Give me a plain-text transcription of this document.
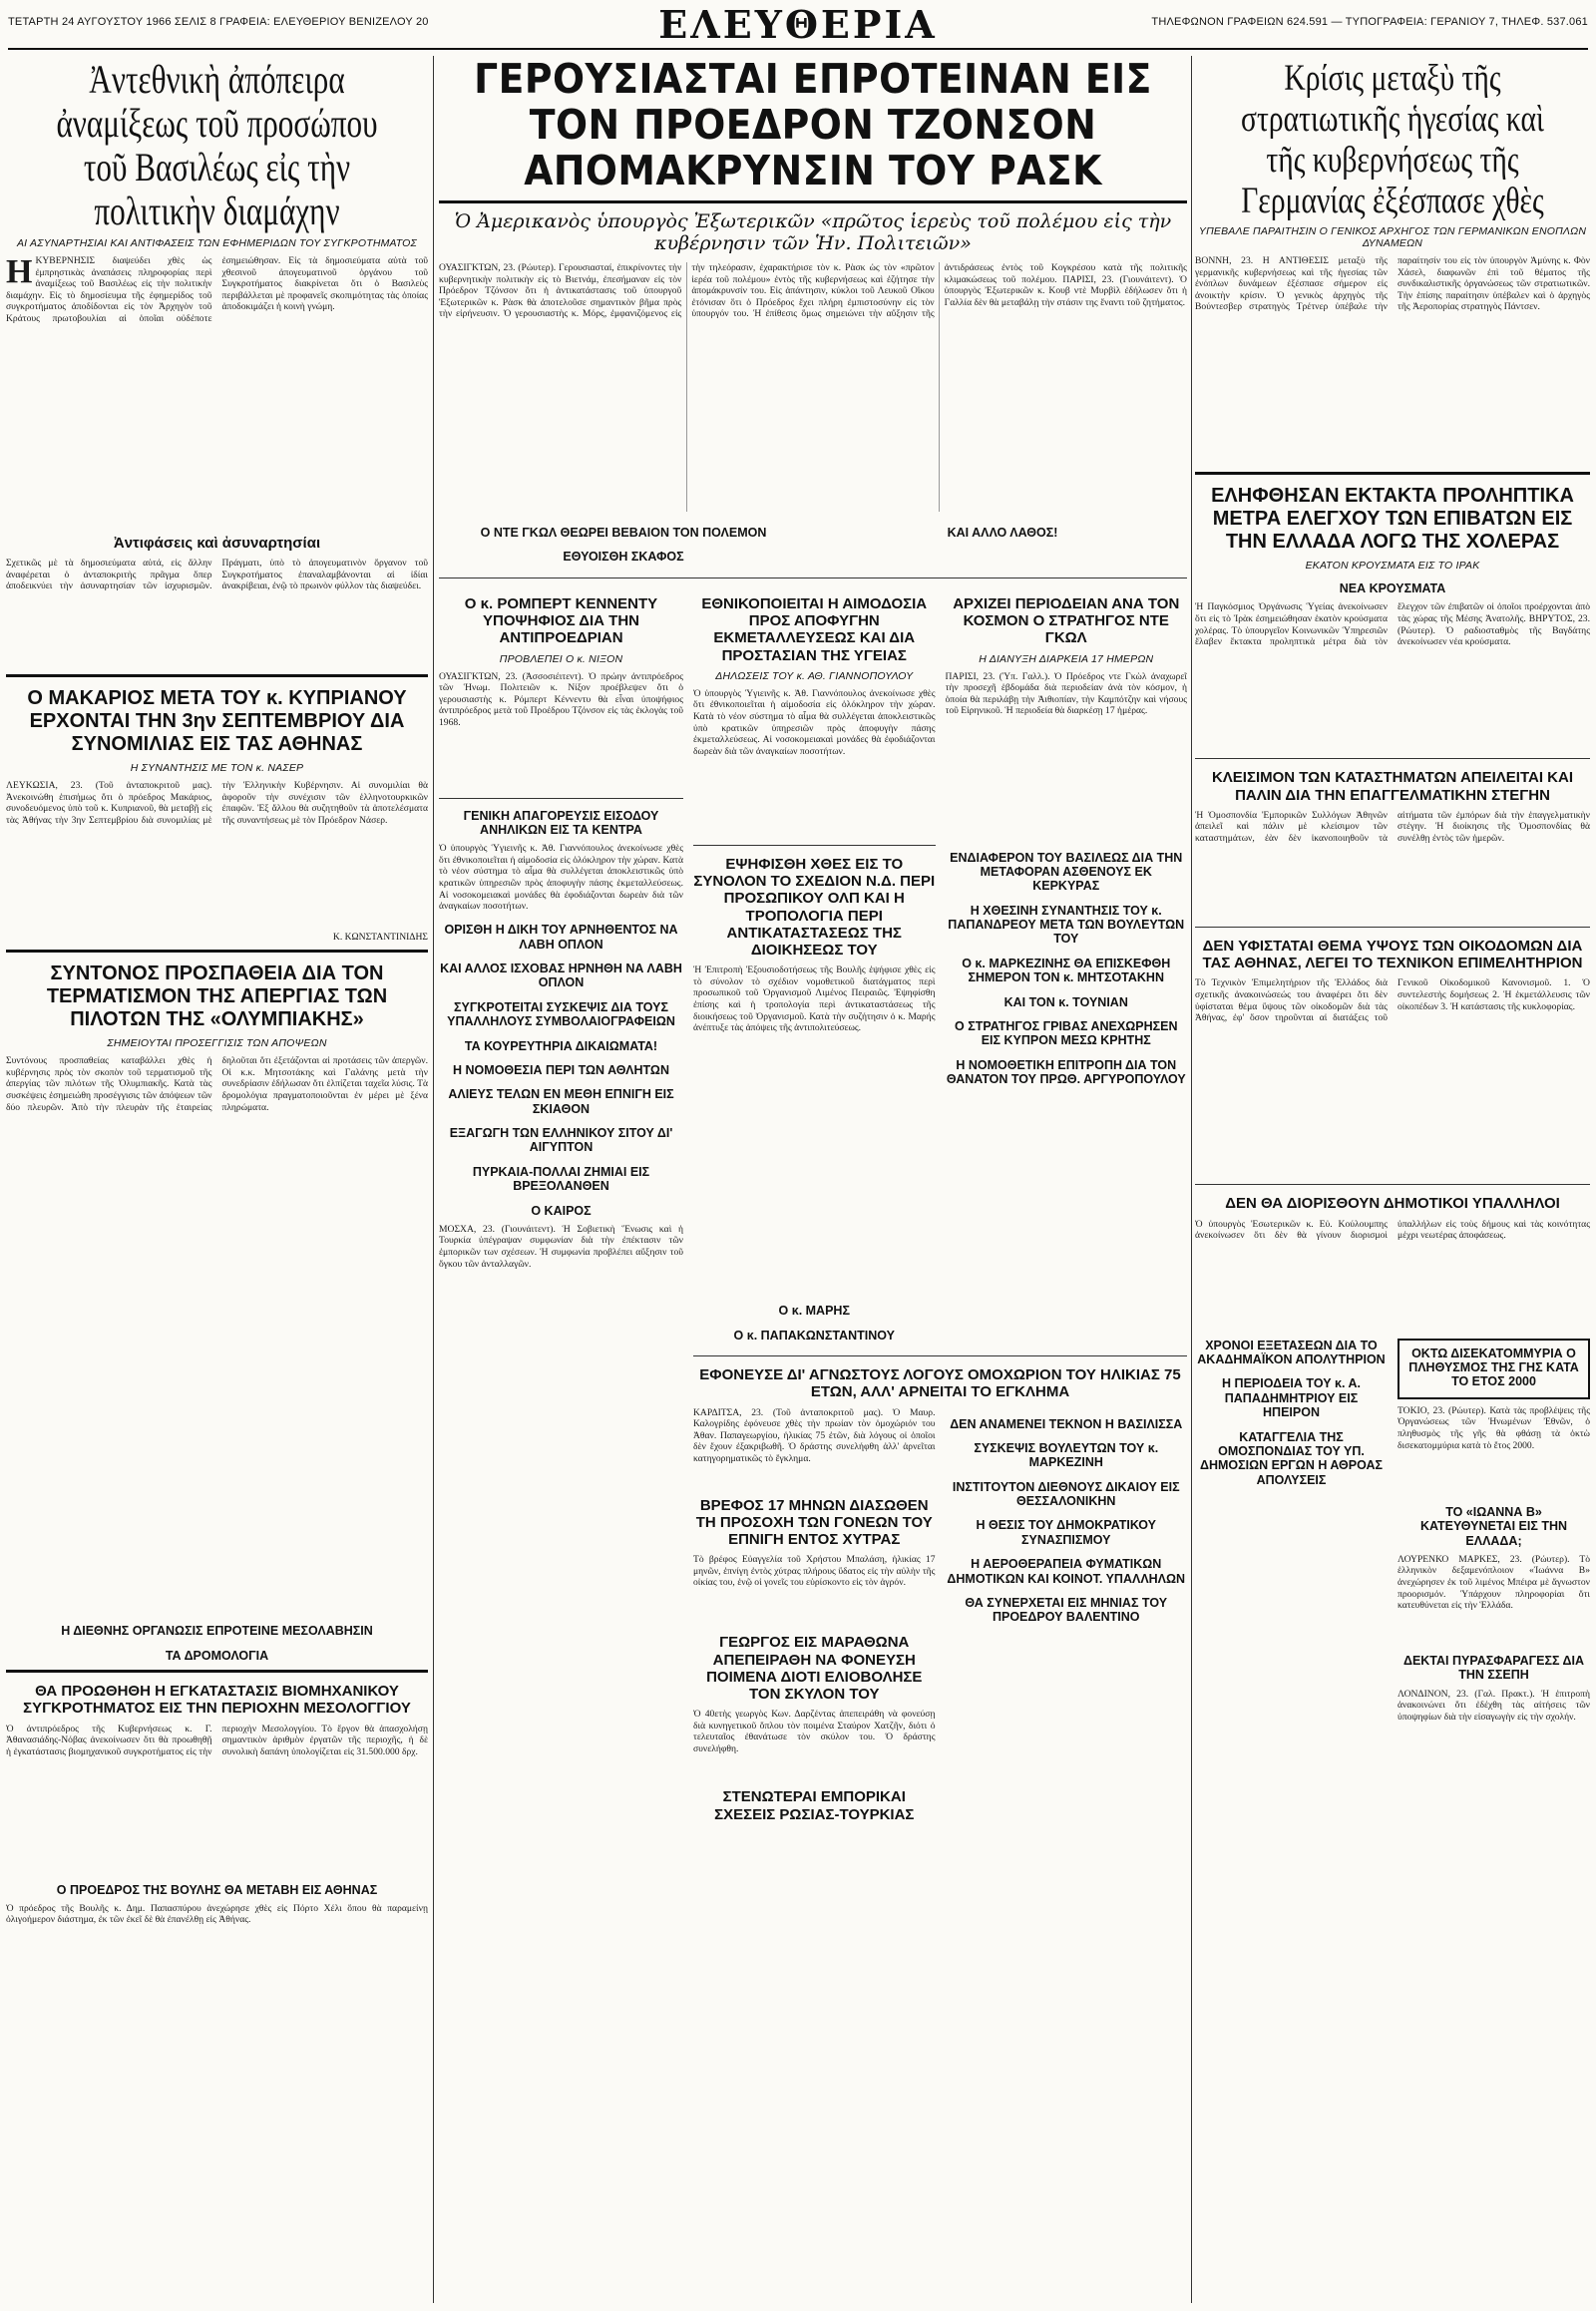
ΤΕΤΑΡΤΗ 24 ΑΥΓΟΥΣΤΟΥ 1966 ΣΕΛΙΣ 8 ΓΡΑΦΕΙΑ: ΕΛΕΥΘΕΡΙΟΥ ΒΕΝΙΖΕΛΟΥ 20	ΕΛΕΥΘΕΡΙΑ	ΤΗΛΕΦΩΝΟΝ ΓΡΑΦΕΙΩΝ 624.591 — ΤΥΠΟΓΡΑΦΕΙΑ: ΓΕΡΑΝΙΟΥ 7, ΤΗΛΕΦ. 537.061
Ἀντεθνικὴ ἀπόπειρα ἀναμίξεως τοῦ προσώπου τοῦ Βασιλέως εἰς τὴν πολιτικὴν διαμάχην
ΑΙ ΑΣΥΝΑΡΤΗΣΙΑΙ ΚΑΙ ΑΝΤΙΦΑΣΕΙΣ ΤΩΝ ΕΦΗΜΕΡΙΔΩΝ ΤΟΥ ΣΥΓΚΡΟΤΗΜΑΤΟΣ
ΗΚΥΒΕΡΝΗΣΙΣ διαψεύδει χθὲς ὡς ἐμπρηστικὰς ἀναπάσεις πληροφορίας περὶ ἀναμίξεως τοῦ Βασιλέως εἰς τὴν πολιτικὴν διαμάχην. Εἰς τὸ δημοσίευμα τῆς ἐφημερίδος τοῦ συγκροτήματος ἀποδίδονται εἰς τὸν Ἀρχηγὸν τοῦ Κράτους πρωτοβουλίαι αἱ ὁποῖαι οὐδέποτε ἐσημειώθησαν. Εἰς τὰ δημοσιεύματα αὐτὰ τοῦ χθεσινοῦ ἀπογευματινοῦ ὀργάνου τοῦ Συγκροτήματος διακρίνεται ὅτι ὁ Βασιλεὺς περιβάλλεται μὲ προφανεῖς σκοπιμότητας τὰς ὁποίας ἀποδοκιμάζει ἡ κοινὴ γνώμη.
Ἀντιφάσεις καὶ ἀσυναρτησίαι
Σχετικῶς μὲ τὰ δημοσιεύματα αὐτά, εἰς ἄλλην ἀναφέρεται ὁ ἀνταποκριτὴς πρᾶγμα ὅπερ ἀποδεικνύει τὴν ἀσυναρτησίαν τῶν ἰσχυρισμῶν. Πράγματι, ὑπὸ τὸ ἀπογευματινὸν ὄργανον τοῦ Συγκροτήματος ἐπαναλαμβάνονται αἱ ἰδίαι ἀνακρίβειαι, ἐνῷ τὸ πρωινὸν φύλλον τὰς διαψεύδει.
Ο ΜΑΚΑΡΙΟΣ ΜΕΤΑ ΤΟΥ κ. ΚΥΠΡΙΑΝΟΥ ΕΡΧΟΝΤΑΙ ΤΗΝ 3ην ΣΕΠΤΕΜΒΡΙΟΥ ΔΙΑ ΣΥΝΟΜΙΛΙΑΣ ΕΙΣ ΤΑΣ ΑΘΗΝΑΣ
Η ΣΥΝΑΝΤΗΣΙΣ ΜΕ ΤΟΝ κ. ΝΑΣΕΡ
ΛΕΥΚΩΣΙΑ, 23. (Τοῦ ἀνταποκριτοῦ μας). Ἀνεκοινώθη ἐπισήμως ὅτι ὁ πρόεδρος Μακάριος, συνοδευόμενος ὑπὸ τοῦ κ. Κυπριανοῦ, θὰ μεταβῇ εἰς τὰς Ἀθήνας τὴν 3ην Σεπτεμβρίου διὰ συνομιλίας μὲ τὴν Ἑλληνικὴν Κυβέρνησιν. Αἱ συνομιλίαι θὰ ἀφοροῦν τὴν συνέχισιν τῶν ἑλληνοτουρκικῶν ἐπαφῶν. Ἐξ ἄλλου θὰ συζητηθοῦν τὰ ἀποτελέσματα τῆς συναντήσεως μὲ τὸν Πρόεδρον Νάσερ.
Κ. ΚΩΝΣΤΑΝΤΙΝΙΔΗΣ
ΣΥΝΤΟΝΟΣ ΠΡΟΣΠΑΘΕΙΑ ΔΙΑ ΤΟΝ ΤΕΡΜΑΤΙΣΜΟΝ ΤΗΣ ΑΠΕΡΓΙΑΣ ΤΩΝ ΠΙΛΟΤΩΝ ΤΗΣ «ΟΛΥΜΠΙΑΚΗΣ»
ΣΗΜΕΙΟΥΤΑΙ ΠΡΟΣΕΓΓΙΣΙΣ ΤΩΝ ΑΠΟΨΕΩΝ
Συντόνους προσπαθείας καταβάλλει χθὲς ἡ κυβέρνησις πρὸς τὸν σκοπὸν τοῦ τερματισμοῦ τῆς ἀπεργίας τῶν πιλότων τῆς Ὀλυμπιακῆς. Κατὰ τὰς συσκέψεις ἐσημειώθη προσέγγισις τῶν ἀπόψεων τῶν δύο πλευρῶν. Ἀπὸ τὴν πλευρὰν τῆς ἑταιρείας δηλοῦται ὅτι ἐξετάζονται αἱ προτάσεις τῶν ἀπεργῶν. Οἱ κ.κ. Μητσοτάκης καὶ Γαλάνης μετὰ τὴν συνεδρίασιν ἐδήλωσαν ὅτι ἐλπίζεται ταχεῖα λύσις. Τὰ δρομολόγια πραγματοποιοῦνται ἐν μέρει μὲ ξένα πληρώματα.
Η ΔΙΕΘΝΗΣ ΟΡΓΑΝΩΣΙΣ ΕΠΡΟΤΕΙΝΕ ΜΕΣΟΛΑΒΗΣΙΝ
ΤΑ ΔΡΟΜΟΛΟΓΙΑ
ΘΑ ΠΡΟΩΘΗΘΗ Η ΕΓΚΑΤΑΣΤΑΣΙΣ ΒΙΟΜΗΧΑΝΙΚΟΥ ΣΥΓΚΡΟΤΗΜΑΤΟΣ ΕΙΣ ΤΗΝ ΠΕΡΙΟΧΗΝ ΜΕΣΟΛΟΓΓΙΟΥ
Ὁ ἀντιπρόεδρος τῆς Κυβερνήσεως κ. Γ. Ἀθανασιάδης-Νόβας ἀνεκοίνωσεν ὅτι θὰ προωθηθῇ ἡ ἐγκατάστασις βιομηχανικοῦ συγκροτήματος εἰς τὴν περιοχὴν Μεσολογγίου. Τὸ ἔργον θὰ ἀπασχολήσῃ σημαντικὸν ἀριθμὸν ἐργατῶν τῆς περιοχῆς, ἡ δὲ συνολικὴ δαπάνη ὑπολογίζεται εἰς 31.500.000 δρχ.
Ο ΠΡΟΕΔΡΟΣ ΤΗΣ ΒΟΥΛΗΣ ΘΑ ΜΕΤΑΒΗ ΕΙΣ ΑΘΗΝΑΣ
Ὁ πρόεδρος τῆς Βουλῆς κ. Δημ. Παπασπύρου ἀνεχώρησε χθὲς εἰς Πόρτο Χέλι ὅπου θὰ παραμείνῃ ὀλιγοήμερον διάστημα, ἐκ τῶν ἐκεῖ δὲ θὰ ἐπανέλθῃ εἰς Ἀθήνας.
ΓΕΡΟΥΣΙΑΣΤΑΙ ΕΠΡΟΤΕΙΝΑΝ ΕΙΣ ΤΟΝ ΠΡΟΕΔΡΟΝ ΤΖΟΝΣΟΝ ΑΠΟΜΑΚΡΥΝΣΙΝ ΤΟΥ ΡΑΣΚ
Ὁ Ἀμερικανὸς ὑπουργὸς Ἐξωτερικῶν «πρῶτος ἱερεὺς τοῦ πολέμου εἰς τὴν κυβέρνησιν τῶν Ἡν. Πολιτειῶν»
ΟΥΑΣΙΓΚΤΩΝ, 23. (Ρώυτερ). Γερουσιασταί, ἐπικρίνοντες τὴν κυβερνητικὴν πολιτικὴν εἰς τὸ Βιετνάμ, ἐπεσήμαναν εἰς τὸν Πρόεδρον Τζόνσον ὅτι ἡ ἀντικατάστασις τοῦ ὑπουργοῦ Ἐξωτερικῶν κ. Ρὰσκ θὰ ἀποτελοῦσε σημαντικὸν βῆμα πρὸς τὴν εἰρήνευσιν. Ὁ γερουσιαστὴς κ. Μόρς, ἐμφανιζόμενος εἰς τὴν τηλεόρασιν, ἐχαρακτήρισε τὸν κ. Ρὰσκ ὡς τὸν «πρῶτον ἱερέα τοῦ πολέμου» ἐντὸς τῆς κυβερνήσεως καὶ ἐζήτησε τὴν ἀπομάκρυνσίν του. Εἰς ἀπάντησιν, κύκλοι τοῦ Λευκοῦ Οἴκου ἐτόνισαν ὅτι ὁ Πρόεδρος ἔχει πλήρη ἐμπιστοσύνην εἰς τὸν ὑπουργόν του. Ἡ ἐπίθεσις ὅμως σημειώνει τὴν αὔξησιν τῆς ἀντιδράσεως ἐντὸς τοῦ Κογκρέσου κατὰ τῆς πολιτικῆς κλιμακώσεως τοῦ πολέμου. ΠΑΡΙΣΙ, 23. (Γιουνάιτεντ). Ὁ ὑπουργὸς Ἐξωτερικῶν κ. Κουβ ντὲ Μυρβὶλ ἐδήλωσεν ὅτι ἡ Γαλλία δὲν θὰ μεταβάλῃ τὴν στάσιν της ἔναντι τοῦ ζητήματος.
Ο ΝΤΕ ΓΚΩΛ ΘΕΩΡΕΙ ΒΕΒΑΙΟΝ ΤΟΝ ΠΟΛΕΜΟΝ
ΕΘΥΟΙΣΘΗ ΣΚΑΦΟΣ
ΚΑΙ ΑΛΛΟ ΛΑΘΟΣ!
Ο κ. ΡΟΜΠΕΡΤ ΚΕΝΝΕΝΤΥ ΥΠΟΨΗΦΙΟΣ ΔΙΑ ΤΗΝ ΑΝΤΙΠΡΟΕΔΡΙΑΝ
ΠΡΟΒΛΕΠΕΙ Ο κ. ΝΙΞΟΝ
ΟΥΑΣΙΓΚΤΩΝ, 23. (Ἀσσοσιέιτεντ). Ὁ πρώην ἀντιπρόεδρος τῶν Ἡνωμ. Πολιτειῶν κ. Νίξον προέβλεψεν ὅτι ὁ γερουσιαστὴς κ. Ρόμπερτ Κέννεντυ θὰ εἶναι ὑποψήφιος ἀντιπρόεδρος μετὰ τοῦ Προέδρου Τζόνσον εἰς τὰς ἐκλογὰς τοῦ 1968.
ΓΕΝΙΚΗ ΑΠΑΓΟΡΕΥΣΙΣ ΕΙΣΟΔΟΥ ΑΝΗΛΙΚΩΝ ΕΙΣ ΤΑ ΚΕΝΤΡΑ
Ὁ ὑπουργὸς Ὑγιεινῆς κ. Ἀθ. Γιαννόπουλος ἀνεκοίνωσε χθὲς ὅτι ἐθνικοποιεῖται ἡ αἱμοδοσία εἰς ὁλόκληρον τὴν χώραν. Κατὰ τὸ νέον σύστημα τὸ αἷμα θὰ συλλέγεται ἀποκλειστικῶς ὑπὸ κρατικῶν ὑπηρεσιῶν πρὸς ἀποφυγὴν πάσης ἐκμεταλλεύσεως. Αἱ νοσοκομειακαὶ μονάδες θὰ ἐφοδιάζονται δωρεὰν διὰ τῶν ἀναγκαίων ποσοτήτων.
ΟΡΙΣΘΗ Η ΔΙΚΗ ΤΟΥ ΑΡΝΗΘΕΝΤΟΣ ΝΑ ΛΑΒΗ ΟΠΛΟΝ
ΚΑΙ ΑΛΛΟΣ ΙΣΧΟΒΑΣ ΗΡΝΗΘΗ ΝΑ ΛΑΒΗ ΟΠΛΟΝ
ΣΥΓΚΡΟΤΕΙΤΑΙ ΣΥΣΚΕΨΙΣ ΔΙΑ ΤΟΥΣ ΥΠΑΛΛΗΛΟΥΣ ΣΥΜΒΟΛΑΙΟΓΡΑΦΕΙΩΝ
ΤΑ ΚΟΥΡΕΥΤΗΡΙΑ ΔΙΚΑΙΩΜΑΤΑ!
Η ΝΟΜΟΘΕΣΙΑ ΠΕΡΙ ΤΩΝ ΑΘΛΗΤΩΝ
ΑΛΙΕΥΣ ΤΕΛΩΝ ΕΝ ΜΕΘΗ ΕΠΝΙΓΗ ΕΙΣ ΣΚΙΑΘΟΝ
ΕΞΑΓΩΓΗ ΤΩΝ ΕΛΛΗΝΙΚΟΥ ΣΙΤΟΥ ΔΙ' ΑΙΓΥΠΤΟΝ
ΠΥΡΚΑΙΑ-ΠΟΛΛΑΙ ΖΗΜΙΑΙ ΕΙΣ ΒΡΕΞΟΛΑΝΘΕΝ
Ο ΚΑΙΡΟΣ
ΜΟΣΧΑ, 23. (Γιουνάιτεντ). Ἡ Σοβιετικὴ Ἕνωσις καὶ ἡ Τουρκία ὑπέγραψαν συμφωνίαν διὰ τὴν ἐπέκτασιν τῶν ἐμπορικῶν των σχέσεων. Ἡ συμφωνία προβλέπει αὔξησιν τοῦ ὄγκου τῶν ἀνταλλαγῶν.
ΕΘΝΙΚΟΠΟΙΕΙΤΑΙ Η ΑΙΜΟΔΟΣΙΑ ΠΡΟΣ ΑΠΟΦΥΓΗΝ ΕΚΜΕΤΑΛΛΕΥΣΕΩΣ ΚΑΙ ΔΙΑ ΠΡΟΣΤΑΣΙΑΝ ΤΗΣ ΥΓΕΙΑΣ
ΔΗΛΩΣΕΙΣ ΤΟΥ κ. ΑΘ. ΓΙΑΝΝΟΠΟΥΛΟΥ
Ὁ ὑπουργὸς Ὑγιεινῆς κ. Ἀθ. Γιαννόπουλος ἀνεκοίνωσε χθὲς ὅτι ἐθνικοποιεῖται ἡ αἱμοδοσία εἰς ὁλόκληρον τὴν χώραν. Κατὰ τὸ νέον σύστημα τὸ αἷμα θὰ συλλέγεται ἀποκλειστικῶς ὑπὸ κρατικῶν ὑπηρεσιῶν πρὸς ἀποφυγὴν πάσης ἐκμεταλλεύσεως. Αἱ νοσοκομειακαὶ μονάδες θὰ ἐφοδιάζονται δωρεὰν διὰ τῶν ἀναγκαίων ποσοτήτων.
ΕΨΗΦΙΣΘΗ ΧΘΕΣ ΕΙΣ ΤΟ ΣΥΝΟΛΟΝ ΤΟ ΣΧΕΔΙΟΝ Ν.Δ. ΠΕΡΙ ΠΡΟΣΩΠΙΚΟΥ ΟΛΠ ΚΑΙ Η ΤΡΟΠΟΛΟΓΙΑ ΠΕΡΙ ΑΝΤΙΚΑΤΑΣΤΑΣΕΩΣ ΤΗΣ ΔΙΟΙΚΗΣΕΩΣ ΤΟΥ
Ἡ Ἐπιτροπὴ Ἐξουσιοδοτήσεως τῆς Βουλῆς ἐψήφισε χθὲς εἰς τὸ σύνολον τὸ σχέδιον νομοθετικοῦ διατάγματος περὶ προσωπικοῦ τοῦ Ὀργανισμοῦ Λιμένος Πειραιῶς. Ἐψηφίσθη ἐπίσης καὶ ἡ τροπολογία περὶ ἀντικαταστάσεως τῆς διοικήσεως τοῦ Ὀργανισμοῦ. Κατὰ τὴν συζήτησιν ὁ κ. Μαρής ἀνέπτυξε τὰς ἀπόψεις τῆς ἀντιπολιτεύσεως.
Ο κ. ΜΑΡΗΣ
Ο κ. ΠΑΠΑΚΩΝΣΤΑΝΤΙΝΟΥ
ΑΡΧΙΖΕΙ ΠΕΡΙΟΔΕΙΑΝ ΑΝΑ ΤΟΝ ΚΟΣΜΟΝ Ο ΣΤΡΑΤΗΓΟΣ ΝΤΕ ΓΚΩΛ
Η ΔΙΑΝΥΞΗ ΔΙΑΡΚΕΙΑ 17 ΗΜΕΡΩΝ
ΠΑΡΙΣΙ, 23. (Ὑπ. Γαλλ.). Ὁ Πρόεδρος ντε Γκὼλ ἀναχωρεῖ τὴν προσεχῆ ἑβδομάδα διὰ περιοδείαν ἀνὰ τὸν κόσμον, ἡ ὁποία θὰ περιλάβῃ τὴν Ἀιθιοπίαν, τὴν Καμπότζην καὶ νήσους τοῦ Εἰρηνικοῦ. Ἡ περιοδεία θὰ διαρκέσῃ 17 ἡμέρας.
ΕΝΔΙΑΦΕΡΟΝ ΤΟΥ ΒΑΣΙΛΕΩΣ ΔΙΑ ΤΗΝ ΜΕΤΑΦΟΡΑΝ ΑΣΘΕΝΟΥΣ ΕΚ ΚΕΡΚΥΡΑΣ
Η ΧΘΕΣΙΝΗ ΣΥΝΑΝΤΗΣΙΣ ΤΟΥ κ. ΠΑΠΑΝΔΡΕΟΥ ΜΕΤΑ ΤΩΝ ΒΟΥΛΕΥΤΩΝ ΤΟΥ
Ο κ. ΜΑΡΚΕΖΙΝΗΣ ΘΑ ΕΠΙΣΚΕΦΘΗ ΣΗΜΕΡΟΝ ΤΟΝ κ. ΜΗΤΣΟΤΑΚΗΝ
ΚΑΙ ΤΟΝ κ. ΤΟΥΝΙΑΝ
Ο ΣΤΡΑΤΗΓΟΣ ΓΡΙΒΑΣ ΑΝΕΧΩΡΗΣΕΝ ΕΙΣ ΚΥΠΡΟΝ ΜΕΣΩ ΚΡΗΤΗΣ
Η ΝΟΜΟΘΕΤΙΚΗ ΕΠΙΤΡΟΠΗ ΔΙΑ ΤΟΝ ΘΑΝΑΤΟΝ ΤΟΥ ΠΡΩΘ. ΑΡΓΥΡΟΠΟΥΛΟΥ
ΕΦΟΝΕΥΣΕ ΔΙ' ΑΓΝΩΣΤΟΥΣ ΛΟΓΟΥΣ ΟΜΟΧΩΡΙΟΝ ΤΟΥ ΗΛΙΚΙΑΣ 75 ΕΤΩΝ, ΑΛΛ' ΑΡΝΕΙΤΑΙ ΤΟ ΕΓΚΛΗΜΑ
ΚΑΡΔΙΤΣΑ, 23. (Τοῦ ἀνταποκριτοῦ μας). Ὁ Μαυρ. Καλογρίδης ἐφόνευσε χθὲς τὴν πρωίαν τὸν ὁμοχώριόν του Ἀθαν. Παπαγεωργίου, ἡλικίας 75 ἐτῶν, διὰ λόγους οἱ ὁποῖοι δὲν ἔχουν ἐξακριβωθῆ. Ὁ δράστης συνελήφθη ἀλλ' ἀρνεῖται κατηγορηματικῶς τὸ ἔγκλημα.
ΒΡΕΦΟΣ 17 ΜΗΝΩΝ ΔΙΑΣΩΘΕΝ ΤΗ ΠΡΟΣΟΧΗ ΤΩΝ ΓΟΝΕΩΝ ΤΟΥ ΕΠΝΙΓΗ ΕΝΤΟΣ ΧΥΤΡΑΣ
Τὸ βρέφος Εὐαγγελία τοῦ Χρήστου Μπαλάση, ἡλικίας 17 μηνῶν, ἐπνίγη ἐντὸς χύτρας πλήρους ὕδατος εἰς τὴν αὐλὴν τῆς οἰκίας του, ἐνῷ οἱ γονεῖς του εὑρίσκοντο εἰς τὸν ἀγρόν.
ΓΕΩΡΓΟΣ ΕΙΣ ΜΑΡΑΘΩΝΑ ΑΠΕΠΕΙΡΑΘΗ ΝΑ ΦΟΝΕΥΣΗ ΠΟΙΜΕΝΑ ΔΙΟΤΙ ΕΛΙΟΒΟΛΗΣΕ ΤΟΝ ΣΚΥΛΟΝ ΤΟΥ
Ὁ 40ετὴς γεωργὸς Κων. Δαρζέντας ἀπεπειράθη νὰ φονεύσῃ διὰ κυνηγετικοῦ ὅπλου τὸν ποιμένα Σταύρον Χατζῆν, διότι ὁ τελευταῖος ἐθανάτωσε τὸν σκύλον του. Ὁ δράστης συνελήφθη.
ΣΤΕΝΩΤΕΡΑΙ ΕΜΠΟΡΙΚΑΙ ΣΧΕΣΕΙΣ ΡΩΣΙΑΣ-ΤΟΥΡΚΙΑΣ
ΔΕΝ ΑΝΑΜΕΝΕΙ ΤΕΚΝΟΝ Η ΒΑΣΙΛΙΣΣΑ
ΣΥΣΚΕΨΙΣ ΒΟΥΛΕΥΤΩΝ ΤΟΥ κ. ΜΑΡΚΕΖΙΝΗ
ΙΝΣΤΙΤΟΥΤΟΝ ΔΙΕΘΝΟΥΣ ΔΙΚΑΙΟΥ ΕΙΣ ΘΕΣΣΑΛΟΝΙΚΗΝ
Η ΘΕΣΙΣ ΤΟΥ ΔΗΜΟΚΡΑΤΙΚΟΥ ΣΥΝΑΣΠΙΣΜΟΥ
Η ΑΕΡΟΘΕΡΑΠΕΙΑ ΦΥΜΑΤΙΚΩΝ ΔΗΜΟΤΙΚΩΝ ΚΑΙ ΚΟΙΝΟΤ. ΥΠΑΛΛΗΛΩΝ
ΘΑ ΣΥΝΕΡΧΕΤΑΙ ΕΙΣ ΜΗΝΙΑΣ ΤΟΥ ΠΡΟΕΔΡΟΥ ΒΑΛΕΝΤΙΝΟ
Κρίσις μεταξὺ τῆς στρατιωτικῆς ἡγεσίας καὶ τῆς κυβερνήσεως τῆς Γερμανίας ἐξέσπασε χθὲς
ΥΠΕΒΑΛΕ ΠΑΡΑΙΤΗΣΙΝ Ο ΓΕΝΙΚΟΣ ΑΡΧΗΓΟΣ ΤΩΝ ΓΕΡΜΑΝΙΚΩΝ ΕΝΟΠΛΩΝ ΔΥΝΑΜΕΩΝ
ΒΟΝΝΗ, 23. Η ΑΝΤΙΘΕΣΙΣ μεταξὺ τῆς γερμανικῆς κυβερνήσεως καὶ τῆς ἡγεσίας τῶν ἐνόπλων δυνάμεων ἐξέσπασε σήμερον εἰς ἀνοικτὴν κρίσιν. Ὁ γενικὸς ἀρχηγὸς τῆς Βούντεσβερ στρατηγὸς Τρέτνερ ὑπέβαλε τὴν παραίτησίν του εἰς τὸν ὑπουργὸν Ἀμύνης κ. Φὸν Χάσελ, διαφωνῶν ἐπὶ τοῦ θέματος τῆς συνδικαλιστικῆς ὀργανώσεως τῶν στρατιωτικῶν. Τὴν ἐπίσης παραίτησιν ὑπέβαλεν καὶ ὁ ἀρχηγὸς τῆς Ἀεροπορίας στρατηγὸς Πάντσεν.
ΕΛΗΦΘΗΣΑΝ ΕΚΤΑΚΤΑ ΠΡΟΛΗΠΤΙΚΑ ΜΕΤΡΑ ΕΛΕΓΧΟΥ ΤΩΝ ΕΠΙΒΑΤΩΝ ΕΙΣ ΤΗΝ ΕΛΛΑΔΑ ΛΟΓΩ ΤΗΣ ΧΟΛΕΡΑΣ
ΕΚΑΤΟΝ ΚΡΟΥΣΜΑΤΑ ΕΙΣ ΤΟ ΙΡΑΚ
ΝΕΑ ΚΡΟΥΣΜΑΤΑ
Ἡ Παγκόσμιος Ὀργάνωσις Ὑγείας ἀνεκοίνωσεν ὅτι εἰς τὸ Ἰρὰκ ἐσημειώθησαν ἑκατὸν κρούσματα χολέρας. Τὸ ὑπουργεῖον Κοινωνικῶν Ὑπηρεσιῶν ἔλαβεν ἔκτακτα προληπτικὰ μέτρα διὰ τὸν ἔλεγχον τῶν ἐπιβατῶν οἱ ὁποῖοι προέρχονται ἀπὸ τὰς χώρας τῆς Μέσης Ἀνατολῆς. ΒΗΡΥΤΟΣ, 23. (Ρώυτερ). Ὁ ραδιοσταθμὸς τῆς Βαγδάτης ἀνεκοίνωσεν νέα κρούσματα.
ΚΛΕΙΣΙΜΟΝ ΤΩΝ ΚΑΤΑΣΤΗΜΑΤΩΝ ΑΠΕΙΛΕΙΤΑΙ ΚΑΙ ΠΑΛΙΝ ΔΙΑ ΤΗΝ ΕΠΑΓΓΕΛΜΑΤΙΚΗΝ ΣΤΕΓΗΝ
Ἡ Ὁμοσπονδία Ἐμπορικῶν Συλλόγων Ἀθηνῶν ἀπειλεῖ καὶ πάλιν μὲ κλείσιμον τῶν καταστημάτων, ἐὰν δὲν ἱκανοποιηθοῦν τὰ αἰτήματα τῶν ἐμπόρων διὰ τὴν ἐπαγγελματικὴν στέγην. Ἡ διοίκησις τῆς Ὁμοσπονδίας θὰ συνέλθῃ ἐντὸς τῶν ἡμερῶν.
ΔΕΝ ΥΦΙΣΤΑΤΑΙ ΘΕΜΑ ΥΨΟΥΣ ΤΩΝ ΟΙΚΟΔΟΜΩΝ ΔΙΑ ΤΑΣ ΑΘΗΝΑΣ, ΛΕΓΕΙ ΤΟ ΤΕΧΝΙΚΟΝ ΕΠΙΜΕΛΗΤΗΡΙΟΝ
Τὸ Τεχνικὸν Ἐπιμελητήριον τῆς Ἑλλάδος διὰ σχετικῆς ἀνακοινώσεώς του ἀναφέρει ὅτι δὲν ὑφίσταται θέμα ὕψους τῶν οἰκοδομῶν διὰ τὰς Ἀθήνας, ἐφ' ὅσον τηροῦνται αἱ διατάξεις τοῦ Γενικοῦ Οἰκοδομικοῦ Κανονισμοῦ. 1. Ὁ συντελεστὴς δομήσεως 2. Ἡ ἐκμετάλλευσις τῶν οἰκοπέδων 3. Ἡ κατάστασις τῆς κυκλοφορίας.
ΔΕΝ ΘΑ ΔΙΟΡΙΣΘΟΥΝ ΔΗΜΟΤΙΚΟΙ ΥΠΑΛΛΗΛΟΙ
Ὁ ὑπουργὸς Ἐσωτερικῶν κ. Εὐ. Κούλουμπης ἀνεκοίνωσεν ὅτι δὲν θὰ γίνουν διορισμοὶ ὑπαλλήλων εἰς τοὺς δήμους καὶ τὰς κοινότητας μέχρι νεωτέρας ἀποφάσεως.
ΧΡΟΝΟΙ ΕΞΕΤΑΣΕΩΝ ΔΙΑ ΤΟ ΑΚΑΔΗΜΑΪΚΟΝ ΑΠΟΛΥΤΗΡΙΟΝ
Η ΠΕΡΙΟΔΕΙΑ ΤΟΥ κ. Α. ΠΑΠΑΔΗΜΗΤΡΙΟΥ ΕΙΣ ΗΠΕΙΡΟΝ
ΚΑΤΑΓΓΕΛΙΑ ΤΗΣ ΟΜΟΣΠΟΝΔΙΑΣ ΤΟΥ ΥΠ. ΔΗΜΟΣΙΩΝ ΕΡΓΩΝ Η ΑΘΡΟΑΣ ΑΠΟΛΥΣΕΙΣ
ΟΚΤΩ ΔΙΣΕΚΑΤΟΜΜΥΡΙΑ Ο ΠΛΗΘΥΣΜΟΣ ΤΗΣ ΓΗΣ ΚΑΤΑ ΤΟ ΕΤΟΣ 2000
ΤΟΚΙΟ, 23. (Ρώυτερ). Κατὰ τὰς προβλέψεις τῆς Ὀργανώσεως τῶν Ἡνωμένων Ἐθνῶν, ὁ πληθυσμὸς τῆς γῆς θὰ φθάσῃ τὰ ὀκτὼ δισεκατομμύρια κατὰ τὸ ἔτος 2000.
ΤΟ «ΙΩΑΝΝΑ Β» ΚΑΤΕΥΘΥΝΕΤΑΙ ΕΙΣ ΤΗΝ ΕΛΛΑΔΑ;
ΛΟΥΡΕΝΚΟ ΜΑΡΚΕΣ, 23. (Ρώυτερ). Τὸ ἑλληνικὸν δεξαμενόπλοιον «Ἰωάννα Β» ἀνεχώρησεν ἐκ τοῦ λιμένος Μπέιρα μὲ ἄγνωστον προορισμόν. Ὑπάρχουν πληροφορίαι ὅτι κατευθύνεται εἰς τὴν Ἑλλάδα.
ΔΕΚΤΑΙ ΠΥΡΑΣΦΑΡΑΓΕΣΣ ΔΙΑ ΤΗΝ ΣΣΕΠΗ
ΛΟΝΔΙΝΟΝ, 23. (Γαλ. Πρακτ.). Ἡ ἐπιτροπὴ ἀνακοινώνει ὅτι ἐδέχθη τὰς αἰτήσεις τῶν ὑποψηφίων διὰ τὴν εἰσαγωγὴν εἰς τὴν σχολήν.
